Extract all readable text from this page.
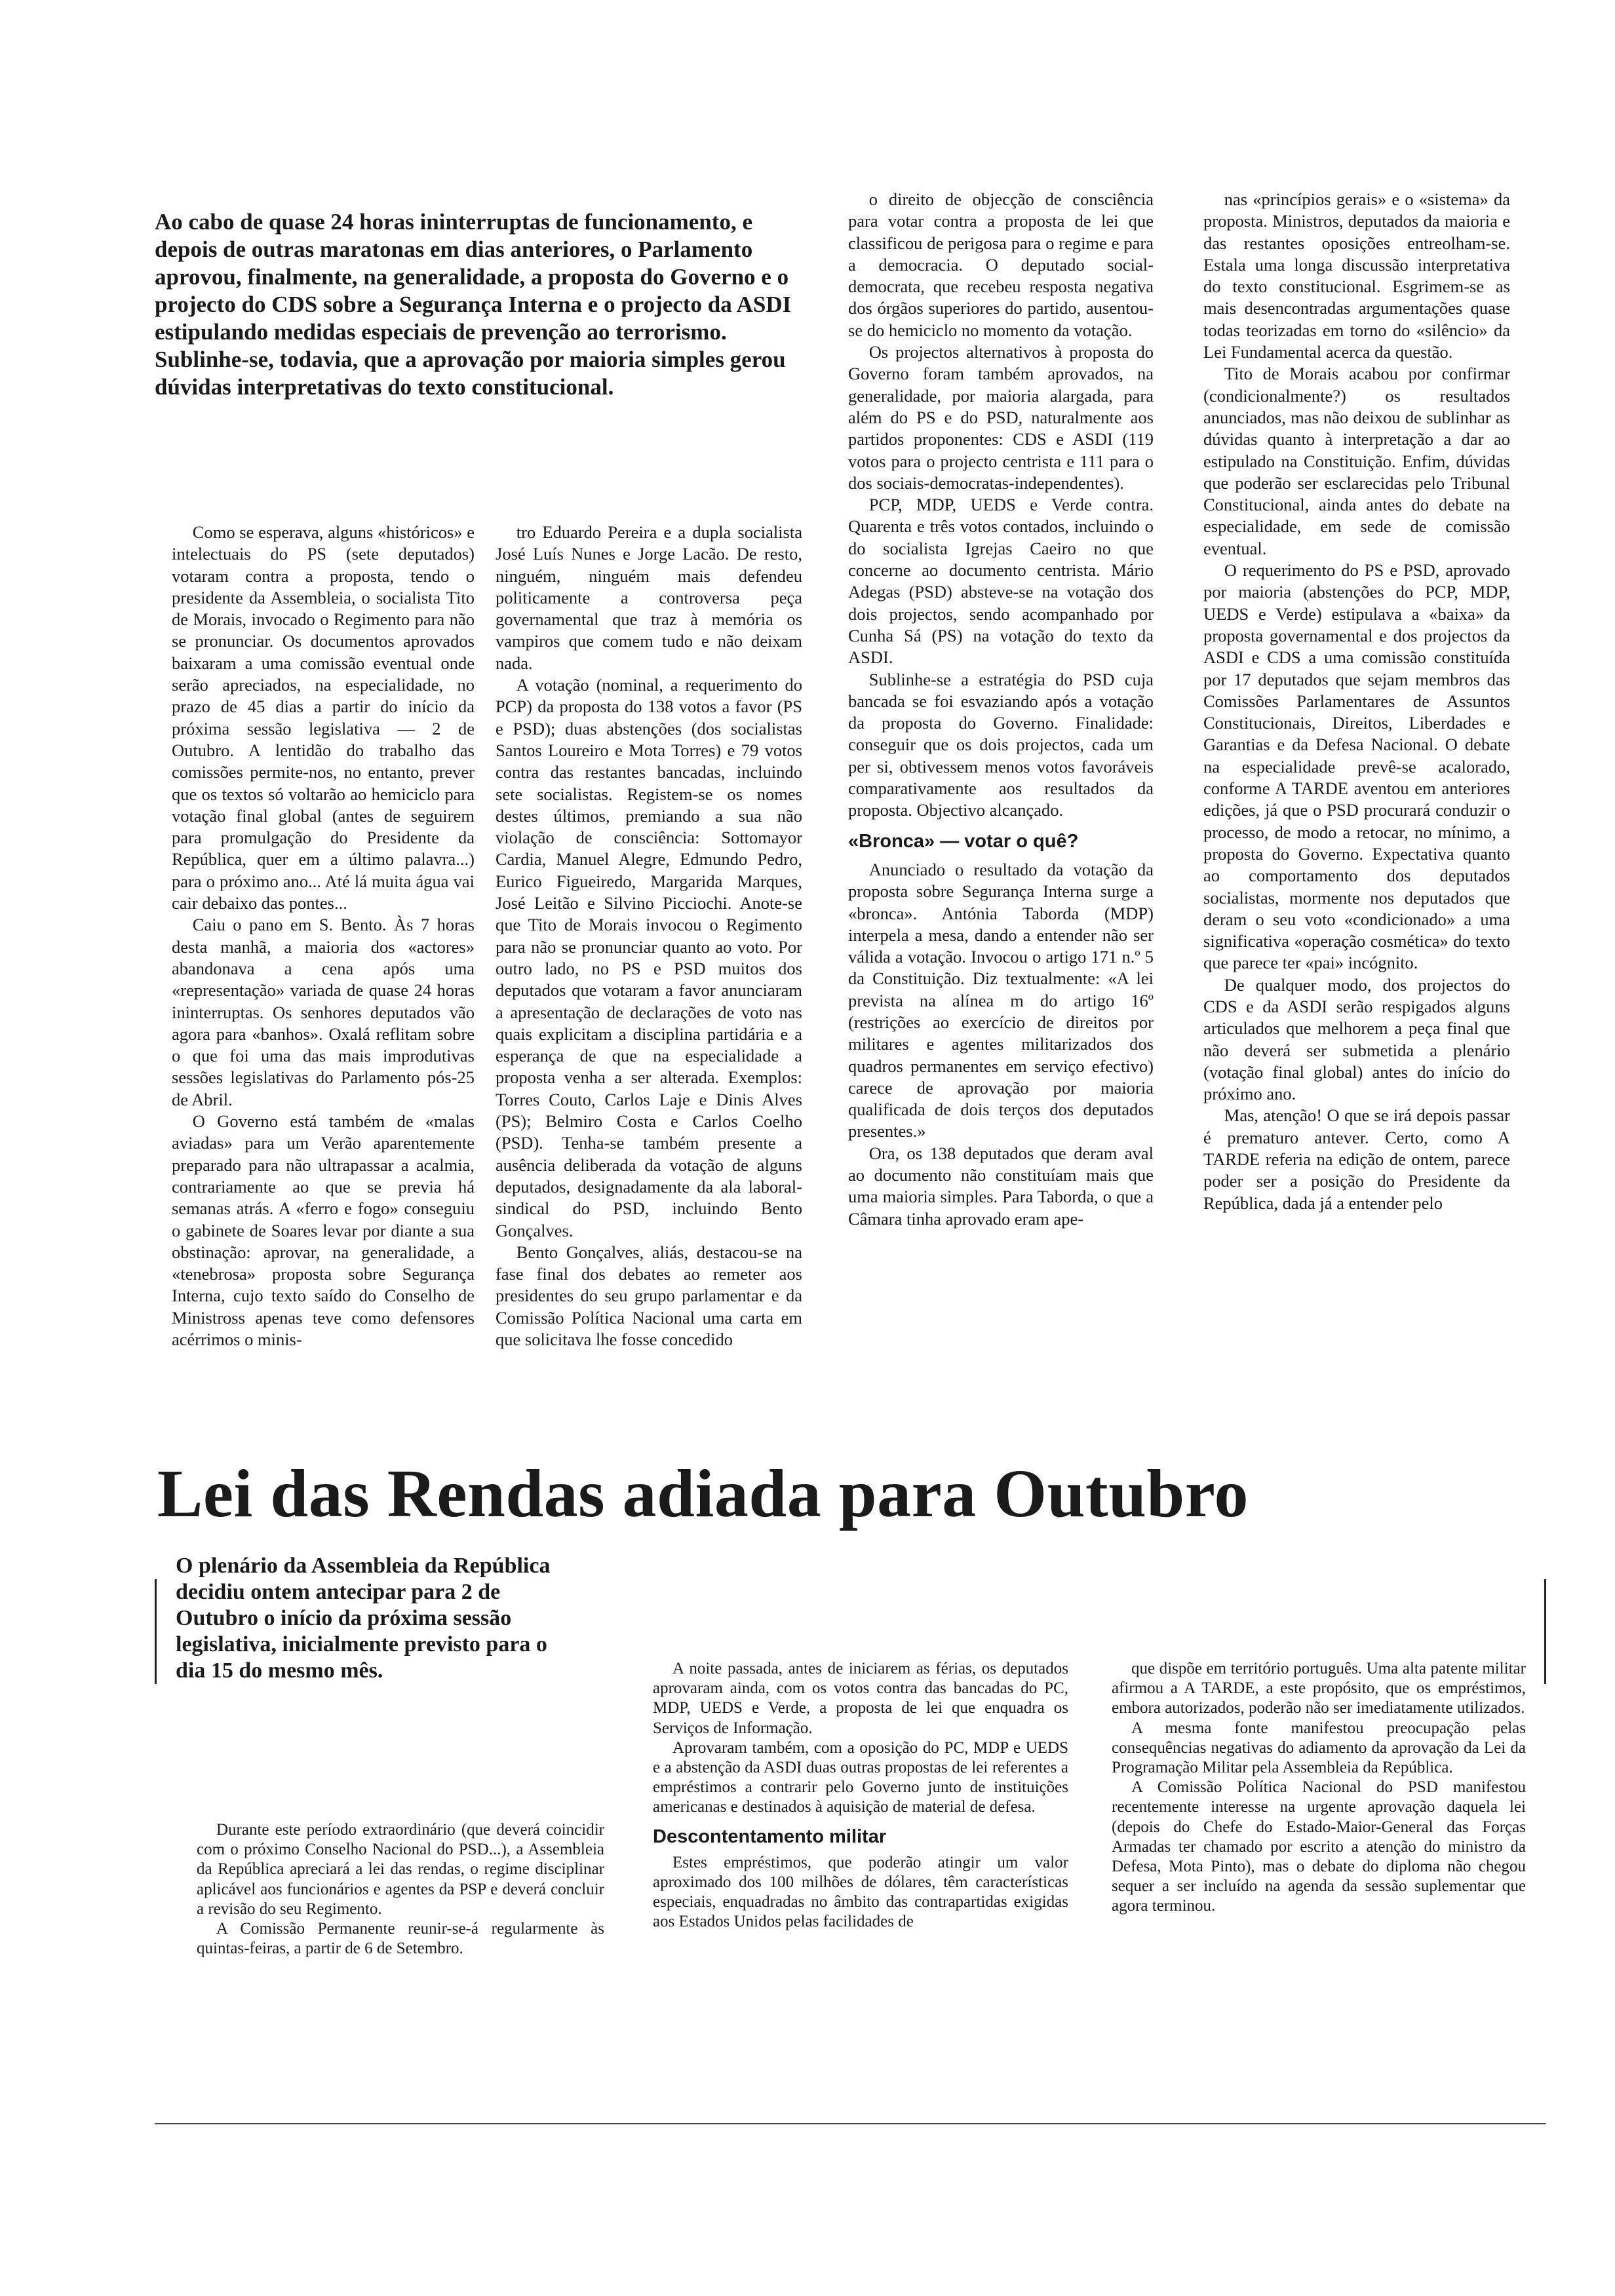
Ao cabo de quase 24 horas ininterruptas de funcionamento, e depois de outras maratonas em dias anteriores, o Parlamento aprovou, finalmente, na generalidade, a proposta do Governo e o projecto do CDS sobre a Segurança Interna e o projecto da ASDI estipulando medidas especiais de prevenção ao terrorismo. Sublinhe-se, todavia, que a aprovação por maioria simples gerou dúvidas interpretativas do texto constitucional.

Como se esperava, alguns «históricos» e intelectuais do PS (sete deputados) votaram contra a proposta, tendo o presidente da Assembleia, o socialista Tito de Morais, invocado o Regimento para não se pronunciar. Os documentos aprovados baixaram a uma comissão eventual onde serão apreciados, na especialidade, no prazo de 45 dias a partir do início da próxima sessão legislativa — 2 de Outubro. A lentidão do trabalho das comissões permite-nos, no entanto, prever que os textos só voltarão ao hemiciclo para votação final global (antes de seguirem para promulgação do Presidente da República, quer em a último palavra...) para o próximo ano... Até lá muita água vai cair debaixo das pontes...

Caiu o pano em S. Bento. Às 7 horas desta manhã, a maioria dos «actores» abandonava a cena após uma «representação» variada de quase 24 horas ininterruptas. Os senhores deputados vão agora para «banhos». Oxalá reflitam sobre o que foi uma das mais improdutivas sessões legislativas do Parlamento pós-25 de Abril.

O Governo está também de «malas aviadas» para um Verão aparentemente preparado para não ultrapassar a acalmia, contrariamente ao que se previa há semanas atrás. A «ferro e fogo» conseguiu o gabinete de Soares levar por diante a sua obstinação: aprovar, na generalidade, a «tenebrosa» proposta sobre Segurança Interna, cujo texto saído do Conselho de Ministross apenas teve como defensores acérrimos o minis-

tro Eduardo Pereira e a dupla socialista José Luís Nunes e Jorge Lacão. De resto, ninguém, ninguém mais defendeu politicamente a controversa peça governamental que traz à memória os vampiros que comem tudo e não deixam nada.

A votação (nominal, a requerimento do PCP) da proposta do 138 votos a favor (PS e PSD); duas abstenções (dos socialistas Santos Loureiro e Mota Torres) e 79 votos contra das restantes bancadas, incluindo sete socialistas. Registem-se os nomes destes últimos, premiando a sua não violação de consciência: Sottomayor Cardia, Manuel Alegre, Edmundo Pedro, Eurico Figueiredo, Margarida Marques, José Leitão e Silvino Picciochi. Anote-se que Tito de Morais invocou o Regimento para não se pronunciar quanto ao voto. Por outro lado, no PS e PSD muitos dos deputados que votaram a favor anunciaram a apresentação de declarações de voto nas quais explicitam a disciplina partidária e a esperança de que na especialidade a proposta venha a ser alterada. Exemplos: Torres Couto, Carlos Laje e Dinis Alves (PS); Belmiro Costa e Carlos Coelho (PSD). Tenha-se também presente a ausência deliberada da votação de alguns deputados, designadamente da ala laboral-sindical do PSD, incluindo Bento Gonçalves.

Bento Gonçalves, aliás, destacou-se na fase final dos debates ao remeter aos presidentes do seu grupo parlamentar e da Comissão Política Nacional uma carta em que solicitava lhe fosse concedido

o direito de objecção de consciência para votar contra a proposta de lei que classificou de perigosa para o regime e para a democracia. O deputado social-democrata, que recebeu resposta negativa dos órgãos superiores do partido, ausentou-se do hemiciclo no momento da votação.

Os projectos alternativos à proposta do Governo foram também aprovados, na generalidade, por maioria alargada, para além do PS e do PSD, naturalmente aos partidos proponentes: CDS e ASDI (119 votos para o projecto centrista e 111 para o dos sociais-democratas-independentes).

PCP, MDP, UEDS e Verde contra. Quarenta e três votos contados, incluindo o do socialista Igrejas Caeiro no que concerne ao documento centrista. Mário Adegas (PSD) absteve-se na votação dos dois projectos, sendo acompanhado por Cunha Sá (PS) na votação do texto da ASDI.

Sublinhe-se a estratégia do PSD cuja bancada se foi esvaziando após a votação da proposta do Governo. Finalidade: conseguir que os dois projectos, cada um per si, obtivessem menos votos favoráveis comparativamente aos resultados da proposta. Objectivo alcançado.

«Bronca» — votar o quê?

Anunciado o resultado da votação da proposta sobre Segurança Interna surge a «bronca». Antónia Taborda (MDP) interpela a mesa, dando a entender não ser válida a votação. Invocou o artigo 171 n.º 5 da Constituição. Diz textualmente: «A lei prevista na alínea m do artigo 16º (restrições ao exercício de direitos por militares e agentes militarizados dos quadros permanentes em serviço efectivo) carece de aprovação por maioria qualificada de dois terços dos deputados presentes.»

Ora, os 138 deputados que deram aval ao documento não constituíam mais que uma maioria simples. Para Taborda, o que a Câmara tinha aprovado eram ape-

nas «princípios gerais» e o «sistema» da proposta. Ministros, deputados da maioria e das restantes oposições entreolham-se. Estala uma longa discussão interpretativa do texto constitucional. Esgrimem-se as mais desencontradas argumentações quase todas teorizadas em torno do «silêncio» da Lei Fundamental acerca da questão.

Tito de Morais acabou por confirmar (condicionalmente?) os resultados anunciados, mas não deixou de sublinhar as dúvidas quanto à interpretação a dar ao estipulado na Constituição. Enfim, dúvidas que poderão ser esclarecidas pelo Tribunal Constitucional, ainda antes do debate na especialidade, em sede de comissão eventual.

O requerimento do PS e PSD, aprovado por maioria (abstenções do PCP, MDP, UEDS e Verde) estipulava a «baixa» da proposta governamental e dos projectos da ASDI e CDS a uma comissão constituída por 17 deputados que sejam membros das Comissões Parlamentares de Assuntos Constitucionais, Direitos, Liberdades e Garantias e da Defesa Nacional. O debate na especialidade prevê-se acalorado, conforme A TARDE aventou em anteriores edições, já que o PSD procurará conduzir o processo, de modo a retocar, no mínimo, a proposta do Governo. Expectativa quanto ao comportamento dos deputados socialistas, mormente nos deputados que deram o seu voto «condicionado» a uma significativa «operação cosmética» do texto que parece ter «pai» incógnito.

De qualquer modo, dos projectos do CDS e da ASDI serão respigados alguns articulados que melhorem a peça final que não deverá ser submetida a plenário (votação final global) antes do início do próximo ano.

Mas, atenção! O que se irá depois passar é prematuro antever. Certo, como A TARDE referia na edição de ontem, parece poder ser a posição do Presidente da República, dada já a entender pelo

Lei das Rendas adiada para Outubro
O plenário da Assembleia da República decidiu ontem antecipar para 2 de Outubro o início da próxima sessão legislativa, inicialmente previsto para o dia 15 do mesmo mês.

Durante este período extraordinário (que deverá coincidir com o próximo Conselho Nacional do PSD...), a Assembleia da República apreciará a lei das rendas, o regime disciplinar aplicável aos funcionários e agentes da PSP e deverá concluir a revisão do seu Regimento.

A Comissão Permanente reunir-se-á regularmente às quintas-feiras, a partir de 6 de Setembro.

A noite passada, antes de iniciarem as férias, os deputados aprovaram ainda, com os votos contra das bancadas do PC, MDP, UEDS e Verde, a proposta de lei que enquadra os Serviços de Informação.

Aprovaram também, com a oposição do PC, MDP e UEDS e a abstenção da ASDI duas outras propostas de lei referentes a empréstimos a contrarir pelo Governo junto de instituições americanas e destinados à aquisição de material de defesa.

Descontentamento militar

Estes empréstimos, que poderão atingir um valor aproximado dos 100 milhões de dólares, têm características especiais, enquadradas no âmbito das contrapartidas exigidas aos Estados Unidos pelas facilidades de

que dispõe em território português. Uma alta patente militar afirmou a A TARDE, a este propósito, que os empréstimos, embora autorizados, poderão não ser imediatamente utilizados.

A mesma fonte manifestou preocupação pelas consequências negativas do adiamento da aprovação da Lei da Programação Militar pela Assembleia da República.

A Comissão Política Nacional do PSD manifestou recentemente interesse na urgente aprovação daquela lei (depois do Chefe do Estado-Maior-General das Forças Armadas ter chamado por escrito a atenção do ministro da Defesa, Mota Pinto), mas o debate do diploma não chegou sequer a ser incluído na agenda da sessão suplementar que agora terminou.
